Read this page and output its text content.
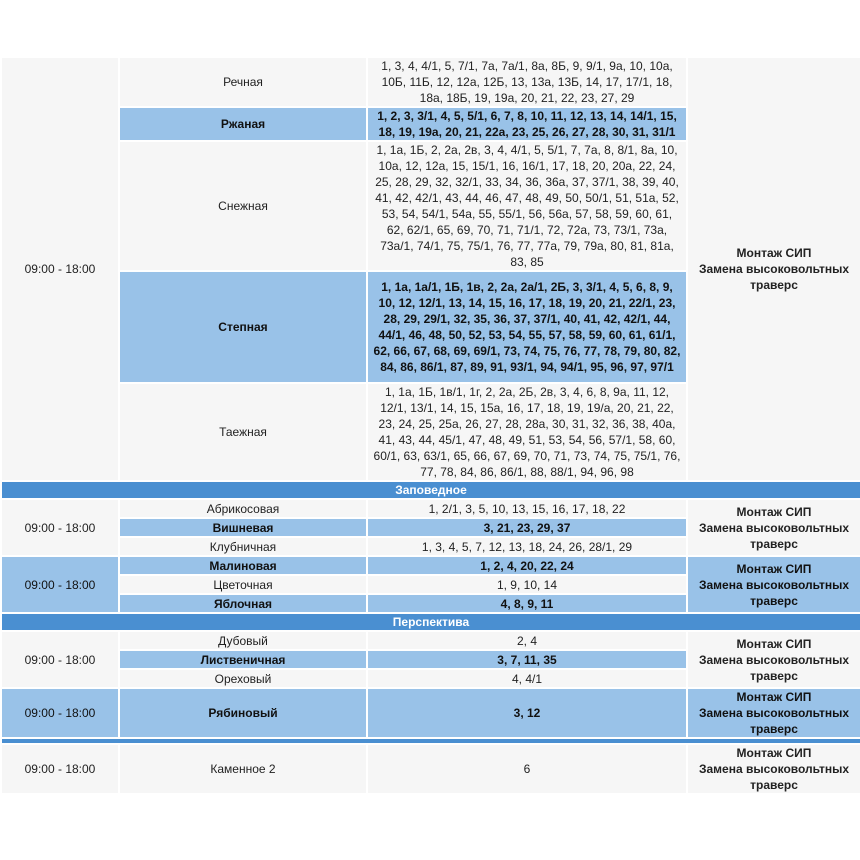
09:00 - 18:00	Речная	1, 3, 4, 4/1, 5, 7/1, 7а, 7а/1, 8а, 8Б, 9, 9/1, 9а, 10, 10а, 10Б, 11Б, 12, 12а, 12Б, 13, 13а, 13Б, 14, 17, 17/1, 18, 18а, 18Б, 19, 19а, 20, 21, 22, 23, 27, 29	Монтаж СИП
Замена высоковольтных траверс
	Ржаная	1, 2, 3, 3/1, 4, 5, 5/1, 6, 7, 8, 10, 11, 12, 13, 14, 14/1, 15, 18, 19, 19а, 20, 21, 22а, 23, 25, 26, 27, 28, 30, 31, 31/1	
	Снежная	1, 1а, 1Б, 2, 2а, 2в, 3, 4, 4/1, 5, 5/1, 7, 7а, 8, 8/1, 8а, 10, 10а, 12, 12а, 15, 15/1, 16, 16/1, 17, 18, 20, 20а, 22, 24, 25, 28, 29, 32, 32/1, 33, 34, 36, 36а, 37, 37/1, 38, 39, 40, 41, 42, 42/1, 43, 44, 46, 47, 48, 49, 50, 50/1, 51, 51а, 52, 53, 54, 54/1, 54а, 55, 55/1, 56, 56а, 57, 58, 59, 60, 61, 62, 62/1, 65, 69, 70, 71, 71/1, 72, 72а, 73, 73/1, 73а, 73а/1, 74/1, 75, 75/1, 76, 77, 77а, 79, 79а, 80, 81, 81а, 83, 85	
	Степная	1, 1а, 1а/1, 1Б, 1в, 2, 2а, 2а/1, 2Б, 3, 3/1, 4, 5, 6, 8, 9, 10, 12, 12/1, 13, 14, 15, 16, 17, 18, 19, 20, 21, 22/1, 23, 28, 29, 29/1, 32, 35, 36, 37, 37/1, 40, 41, 42, 42/1, 44, 44/1, 46, 48, 50, 52, 53, 54, 55, 57, 58, 59, 60, 61, 61/1, 62, 66, 67, 68, 69, 69/1, 73, 74, 75, 76, 77, 78, 79, 80, 82, 84, 86, 86/1, 87, 89, 91, 93/1, 94, 94/1, 95, 96, 97, 97/1	
	Таежная	1, 1а, 1Б, 1в/1, 1г, 2, 2а, 2Б, 2в, 3, 4, 6, 8, 9а, 11, 12, 12/1, 13/1, 14, 15, 15а, 16, 17, 18, 19, 19/а, 20, 21, 22, 23, 24, 25, 25а, 26, 27, 28, 28а, 30, 31, 32, 36, 38, 40а, 41, 43, 44, 45/1, 47, 48, 49, 51, 53, 54, 56, 57/1, 58, 60, 60/1, 63, 63/1, 65, 66, 67, 69, 70, 71, 73, 74, 75, 75/1, 76, 77, 78, 84, 86, 86/1, 88, 88/1, 94, 96, 98	
Заповедное			
09:00 - 18:00	Абрикосовая	1, 2/1, 3, 5, 10, 13, 15, 16, 17, 18, 22	Монтаж СИП
Замена высоковольтных траверс
	Вишневая	3, 21, 23, 29, 37	
	Клубничная	1, 3, 4, 5, 7, 12, 13, 18, 24, 26, 28/1, 29	
09:00 - 18:00	Малиновая	1, 2, 4, 20, 22, 24	Монтаж СИП
Замена высоковольтных траверс
	Цветочная	1, 9, 10, 14	
	Яблочная	4, 8, 9, 11	
Перспектива			
09:00 - 18:00	Дубовый	2, 4	Монтаж СИП
Замена высоковольтных траверс
	Лиственичная	3, 7, 11, 35	
	Ореховый	4, 4/1	
09:00 - 18:00	Рябиновый	3, 12	Монтаж СИП
Замена высоковольтных траверс

09:00 - 18:00	Каменное 2	6	Монтаж СИП
Замена высоковольтных траверс
